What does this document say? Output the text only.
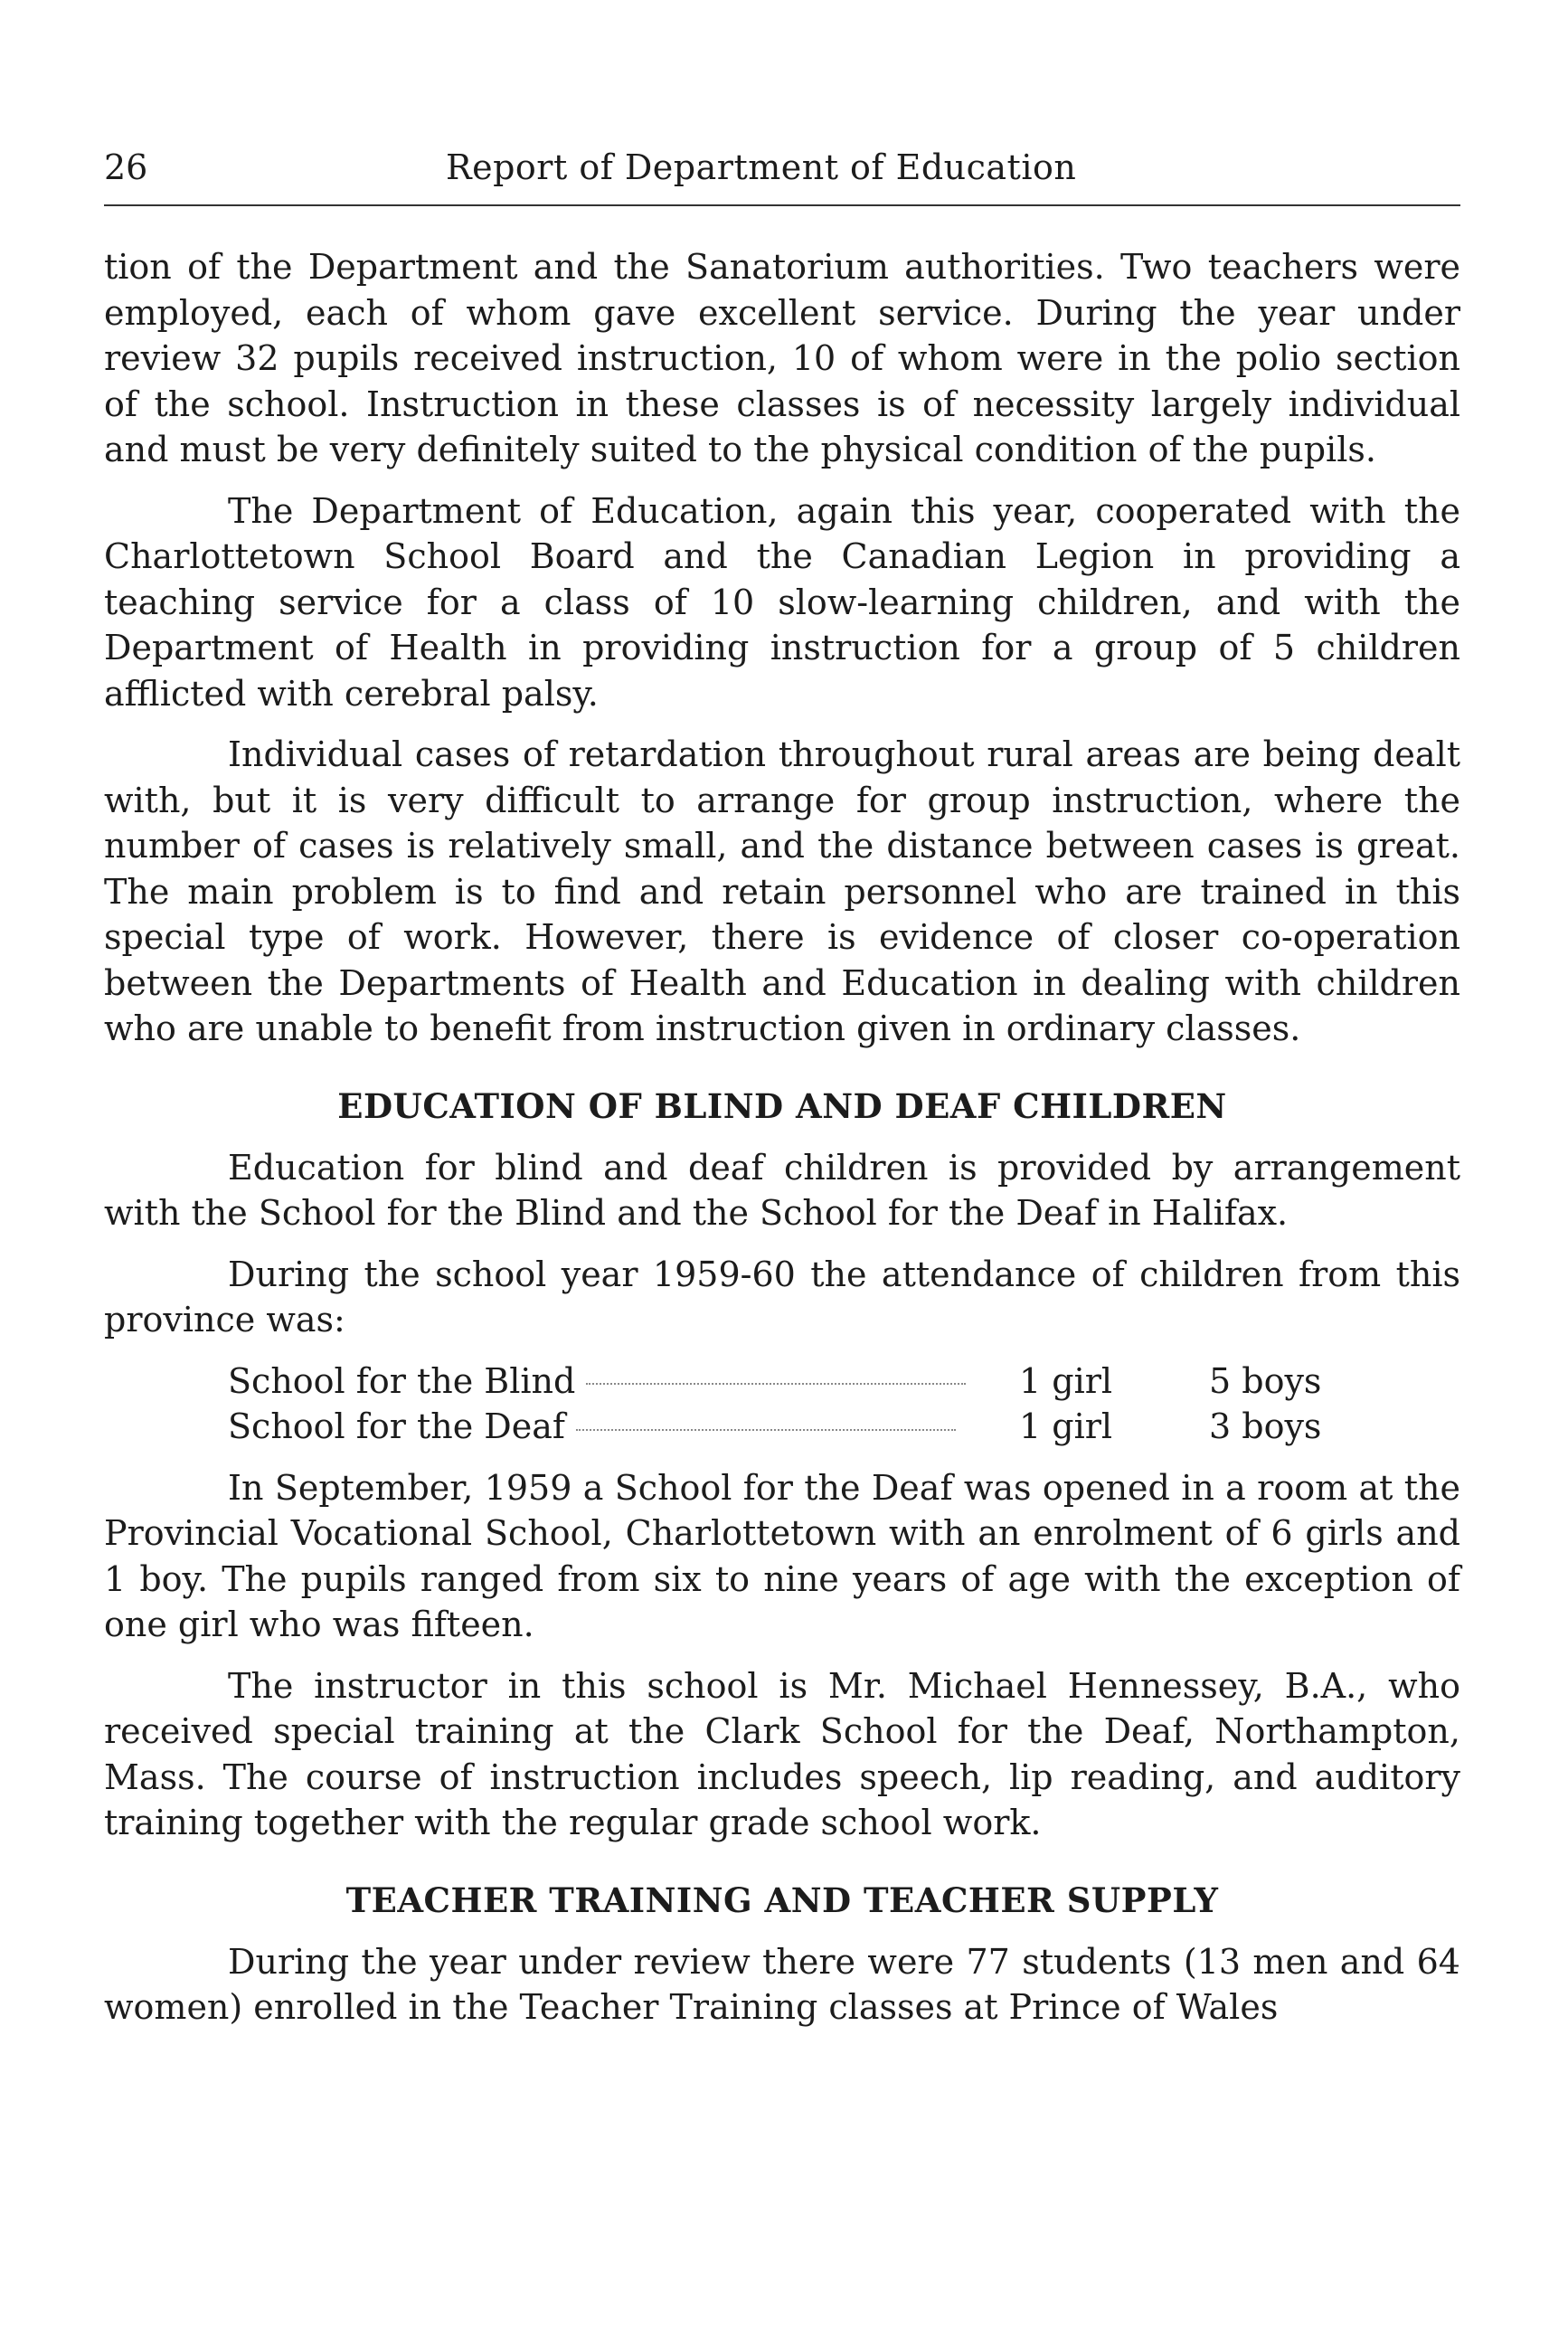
26	Report of Department of Education

tion of the Department and the Sanatorium authorities. Two teachers were employed, each of whom gave excellent service. During the year under review 32 pupils received instruction, 10 of whom were in the polio section of the school. Instruction in these classes is of necessity largely individual and must be very definitely suited to the physical condition of the pupils.

The Department of Education, again this year, cooperated with the Charlottetown School Board and the Canadian Legion in providing a teaching service for a class of 10 slow-learning children, and with the Department of Health in providing instruction for a group of 5 children afflicted with cerebral palsy.

Individual cases of retardation throughout rural areas are being dealt with, but it is very difficult to arrange for group instruction, where the number of cases is relatively small, and the distance between cases is great. The main problem is to find and retain personnel who are trained in this special type of work. However, there is evidence of closer co-operation between the Departments of Health and Education in dealing with children who are unable to benefit from instruction given in ordinary classes.

EDUCATION OF BLIND AND DEAF CHILDREN

Education for blind and deaf children is provided by arrangement with the School for the Blind and the School for the Deaf in Halifax.

During the school year 1959-60 the attendance of children from this province was:

School for the Blind	1 girl	5 boys
School for the Deaf	1 girl	3 boys

In September, 1959 a School for the Deaf was opened in a room at the Provincial Vocational School, Charlottetown with an enrolment of 6 girls and 1 boy. The pupils ranged from six to nine years of age with the exception of one girl who was fifteen.

The instructor in this school is Mr. Michael Hennessey, B.A., who received special training at the Clark School for the Deaf, Northampton, Mass. The course of instruction includes speech, lip reading, and auditory training together with the regular grade school work.

TEACHER TRAINING AND TEACHER SUPPLY

During the year under review there were 77 students (13 men and 64 women) enrolled in the Teacher Training classes at Prince of Wales
